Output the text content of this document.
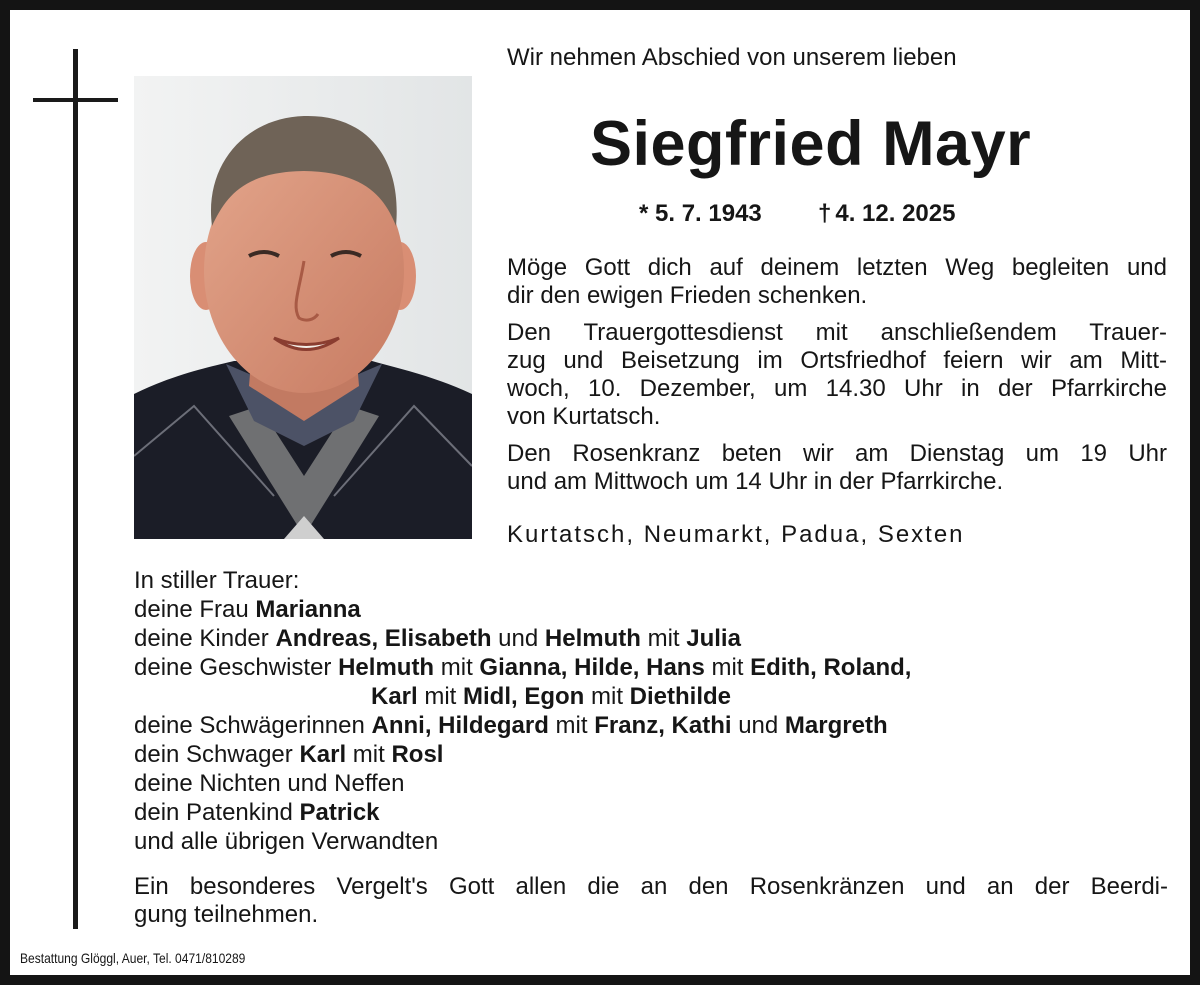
Wir nehmen Abschied von unserem lieben
Siegfried Mayr
* 5. 7. 1943 † 4. 12. 2025
Möge Gott dich auf deinem letzten Weg begleiten und
dir den ewigen Frieden schenken.
Den Trauergottesdienst mit anschließendem Trauer-
zug und Beisetzung im Ortsfriedhof feiern wir am Mitt-
woch, 10. Dezember, um 14.30 Uhr in der Pfarrkirche
von Kurtatsch.
Den Rosenkranz beten wir am Dienstag um 19 Uhr
und am Mittwoch um 14 Uhr in der Pfarrkirche.
Kurtatsch, Neumarkt, Padua, Sexten
In stiller Trauer:
deine Frau Marianna
deine Kinder Andreas, Elisabeth und Helmuth mit Julia
deine Geschwister Helmuth mit Gianna, Hilde, Hans mit Edith, Roland,
Karl mit Midl, Egon mit Diethilde
deine Schwägerinnen Anni, Hildegard mit Franz, Kathi und Margreth
dein Schwager Karl mit Rosl
deine Nichten und Neffen
dein Patenkind Patrick
und alle übrigen Verwandten
Ein besonderes Vergelt's Gott allen die an den Rosenkränzen und an der Beerdi-
gung teilnehmen.
Bestattung Glöggl, Auer, Tel. 0471/810289
